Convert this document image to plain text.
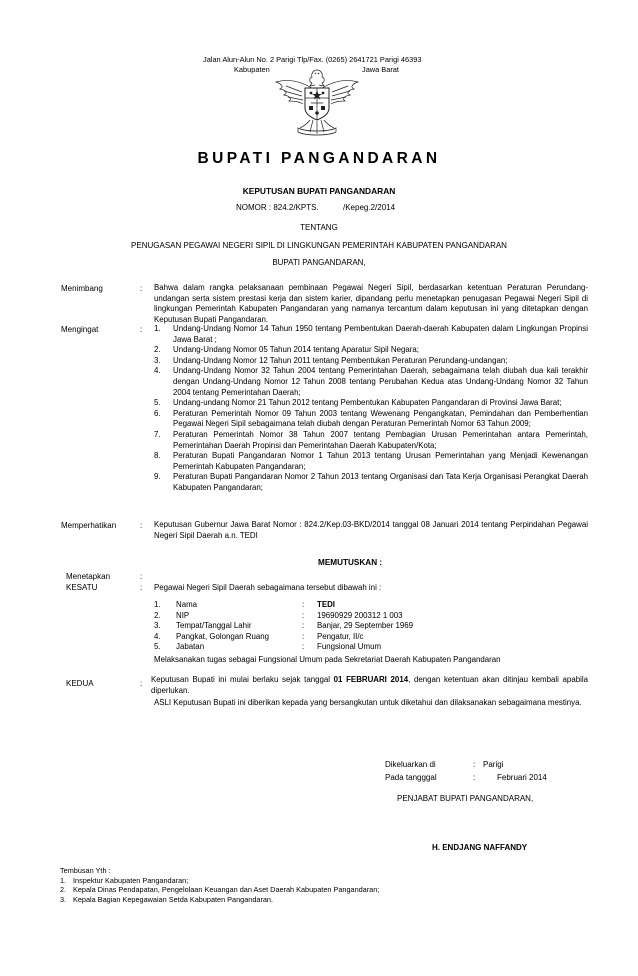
Jalan Alun-Alun No. 2 Parigi Tlp/Fax. (0265) 2641721 Parigi 46393
Kabupaten	Jawa Barat
BUPATI PANGANDARAN
KEPUTUSAN BUPATI PANGANDARAN
NOMOR : 824.2/KPTS.	/Kepeg.2/2014
TENTANG
PENUGASAN PEGAWAI NEGERI SIPIL DI LINGKUNGAN PEMERINTAH KABUPATEN PANGANDARAN
BUPATI PANGANDARAN,
Menimbang	: Bahwa dalam rangka pelaksanaan pembinaan Pegawai Negeri Sipil, berdasarkan ketentuan Peraturan Perundang-undangan serta sistem prestasi kerja dan sistem karier, dipandang perlu menetapkan penugasan Pegawai Negeri Sipil di lingkungan Pemerintah Kabupaten Pangandaran yang namanya tercantum dalam keputusan ini yang ditetapkan dengan Keputusan Bupati Pangandaran.
Mengingat	: 1. Undang-Undang Nomor 14 Tahun 1950 tentang Pembentukan Daerah-daerah Kabupaten dalam Lingkungan Propinsi Jawa Barat ;
2. Undang-Undang Nomor 05 Tahun 2014 tentang Aparatur Sipil Negara;
3. Undang-Undang Nomor 12 Tahun 2011 tentang Pembentukan Peraturan Perundang-undangan;
4. Undang-Undang Nomor 32 Tahun 2004 tentang Pemerintahan Daerah, sebagaimana telah diubah dua kali terakhir dengan Undang-Undang Nomor 12 Tahun 2008 tentang Perubahan Kedua atas Undang-Undang Nomor 32 Tahun 2004 tentang Pemerintahan Daerah;
5. Undang-undang Nomor 21 Tahun 2012 tentang Pembentukan Kabupaten Pangandaran di Provinsi Jawa Barat;
6. Peraturan Pemerintah Nomor 09 Tahun 2003 tentang Wewenang Pengangkatan, Pemindahan dan Pemberhentian Pegawai Negeri Sipil sebagaimana telah diubah dengan Peraturan Pemerintah Nomor 63 Tahun 2009;
7. Peraturan Pemerintah Nomor 38 Tahun 2007 tentang Pembagian Urusan Pemerintahan antara Pemerintah, Pemerintahan Daerah Propinsi dan Pemerintahan Daerah Kabupaten/Kota;
8. Peraturan Bupati Pangandaran Nomor 1 Tahun 2013 tentang Urusan Pemerintahan yang Menjadi Kewenangan Pemerintah Kabupaten Pangandaran;
9. Peraturan Bupati Pangandaran Nomor 2 Tahun 2013 tentang Organisasi dan Tata Kerja Organisasi Perangkat Daerah Kabupaten Pangandaran;
Memperhatikan	: Keputusan Gubernur Jawa Barat Nomor : 824.2/Kep.03-BKD/2014 tanggal 08 Januari 2014 tentang Perpindahan Pegawai Negeri Sipil Daerah a.n. TEDI
MEMUTUSKAN :
Menetapkan	:
KESATU	: Pegawai Negeri Sipil Daerah sebagaimana tersebut dibawah ini :
1. Nama	: TEDI
2. NIP	: 19690929 200312 1 003
3. Tempat/Tanggal Lahir	: Banjar, 29 September 1969
4. Pangkat, Golongan Ruang	: Pengatur, II/c
5. Jabatan	: Fungsional Umum
Melaksanakan tugas sebagai Fungsional Umum pada Sekretariat Daerah Kabupaten Pangandaran
KEDUA	: Keputusan Bupati ini mulai berlaku sejak tanggal 01 FEBRUARI 2014, dengan ketentuan akan ditinjau kembali apabila diperlukan.
ASLI Keputusan Bupati ini diberikan kepada yang bersangkutan untuk diketahui dan dilaksanakan sebagaimana mestinya.
Dikeluarkan di	: Parigi
Pada tangggal	:	Februari 2014
PENJABAT BUPATI PANGANDARAN,
H. ENDJANG NAFFANDY
Tembusan Yth :
1. Inspektur Kabupaten Pangandaran;
2. Kepala Dinas Pendapatan, Pengelolaan Keuangan dan Aset Daerah Kabupaten Pangandaran;
3. Kepala Bagian Kepegawaian Setda Kabupaten Pangandaran.
